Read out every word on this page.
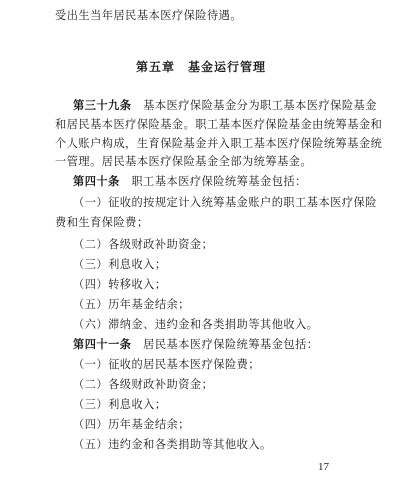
受出生当年居民基本医疗保险待遇。
第五章　基金运行管理
第三十九条　 基本医疗保险基金分为职工基本医疗保险基金
和居民基本医疗保险基金。职工基本医疗保险基金由统筹基金和
个人账户构成，生育保险基金并入职工基本医疗保险统筹基金统
一管理。居民基本医疗保险基金全部为统筹基金。
第四十条　 职工基本医疗保险统筹基金包括：
（一）征收的按规定计入统筹基金账户的职工基本医疗保险
费和生育保险费；
（二）各级财政补助资金；
（三）利息收入；
（四）转移收入；
（五）历年基金结余；
（六）滞纳金、违约金和各类捐助等其他收入。
第四十一条　 居民基本医疗保险统筹基金包括：
（一）征收的居民基本医疗保险费；
（二）各级财政补助资金；
（三）利息收入；
（四）历年基金结余；
（五）违约金和各类捐助等其他收入。
17
